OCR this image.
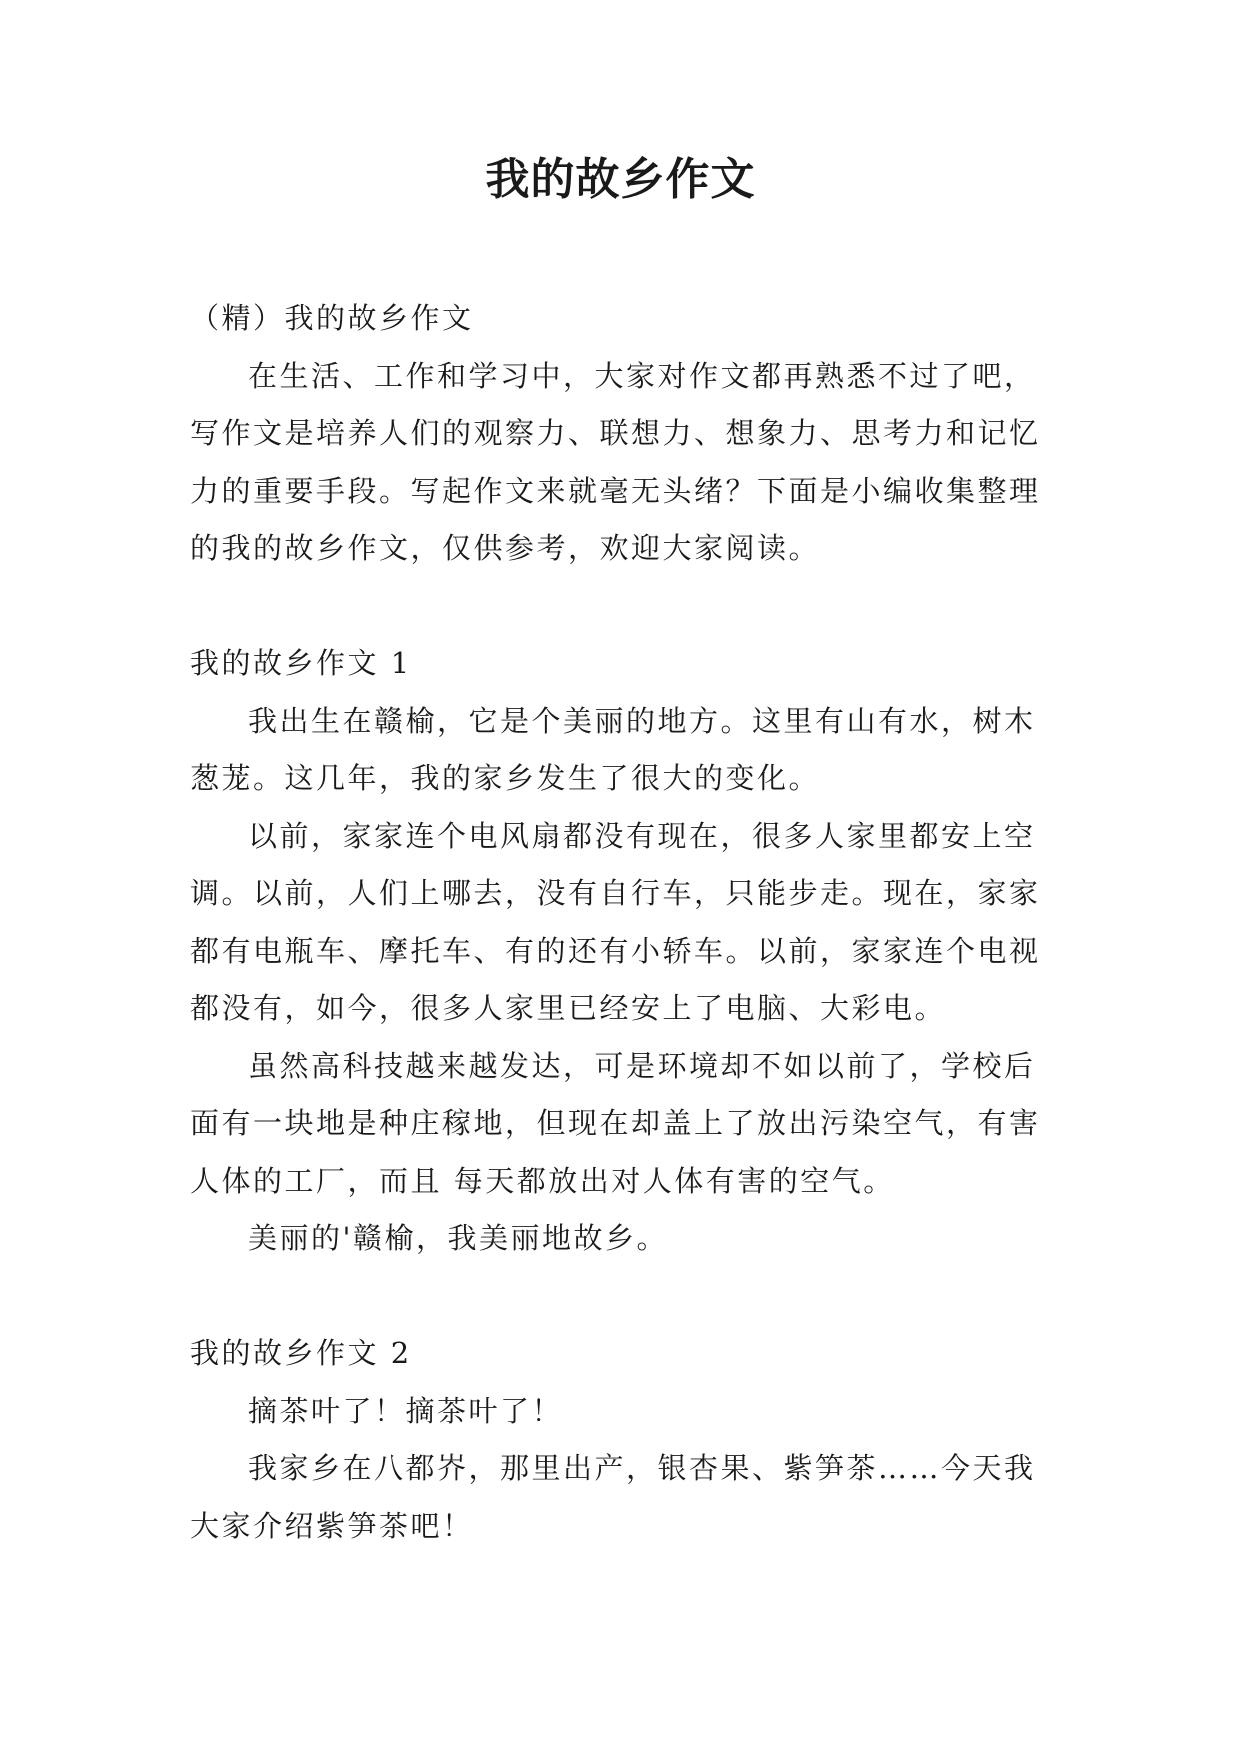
我的故乡作文

（精）我的故乡作文

在生活、工作和学习中，大家对作文都再熟悉不过了吧，写作文是培养人们的观察力、联想力、想象力、思考力和记忆力的重要手段。写起作文来就毫无头绪？下面是小编收集整理的我的故乡作文，仅供参考，欢迎大家阅读。

我的故乡作文 1

我出生在赣榆，它是个美丽的地方。这里有山有水，树木葱茏。这几年，我的家乡发生了很大的变化。

以前，家家连个电风扇都没有现在，很多人家里都安上空调。以前，人们上哪去，没有自行车，只能步走。现在，家家都有电瓶车、摩托车、有的还有小轿车。以前，家家连个电视都没有，如今，很多人家里已经安上了电脑、大彩电。

虽然高科技越来越发达，可是环境却不如以前了，学校后面有一块地是种庄稼地，但现在却盖上了放出污染空气，有害人体的工厂，而且 每天都放出对人体有害的空气。

美丽的'赣榆，我美丽地故乡。

我的故乡作文 2

摘茶叶了！摘茶叶了！

我家乡在八都岕，那里出产，银杏果、紫笋茶……今天我大家介绍紫笋茶吧！
